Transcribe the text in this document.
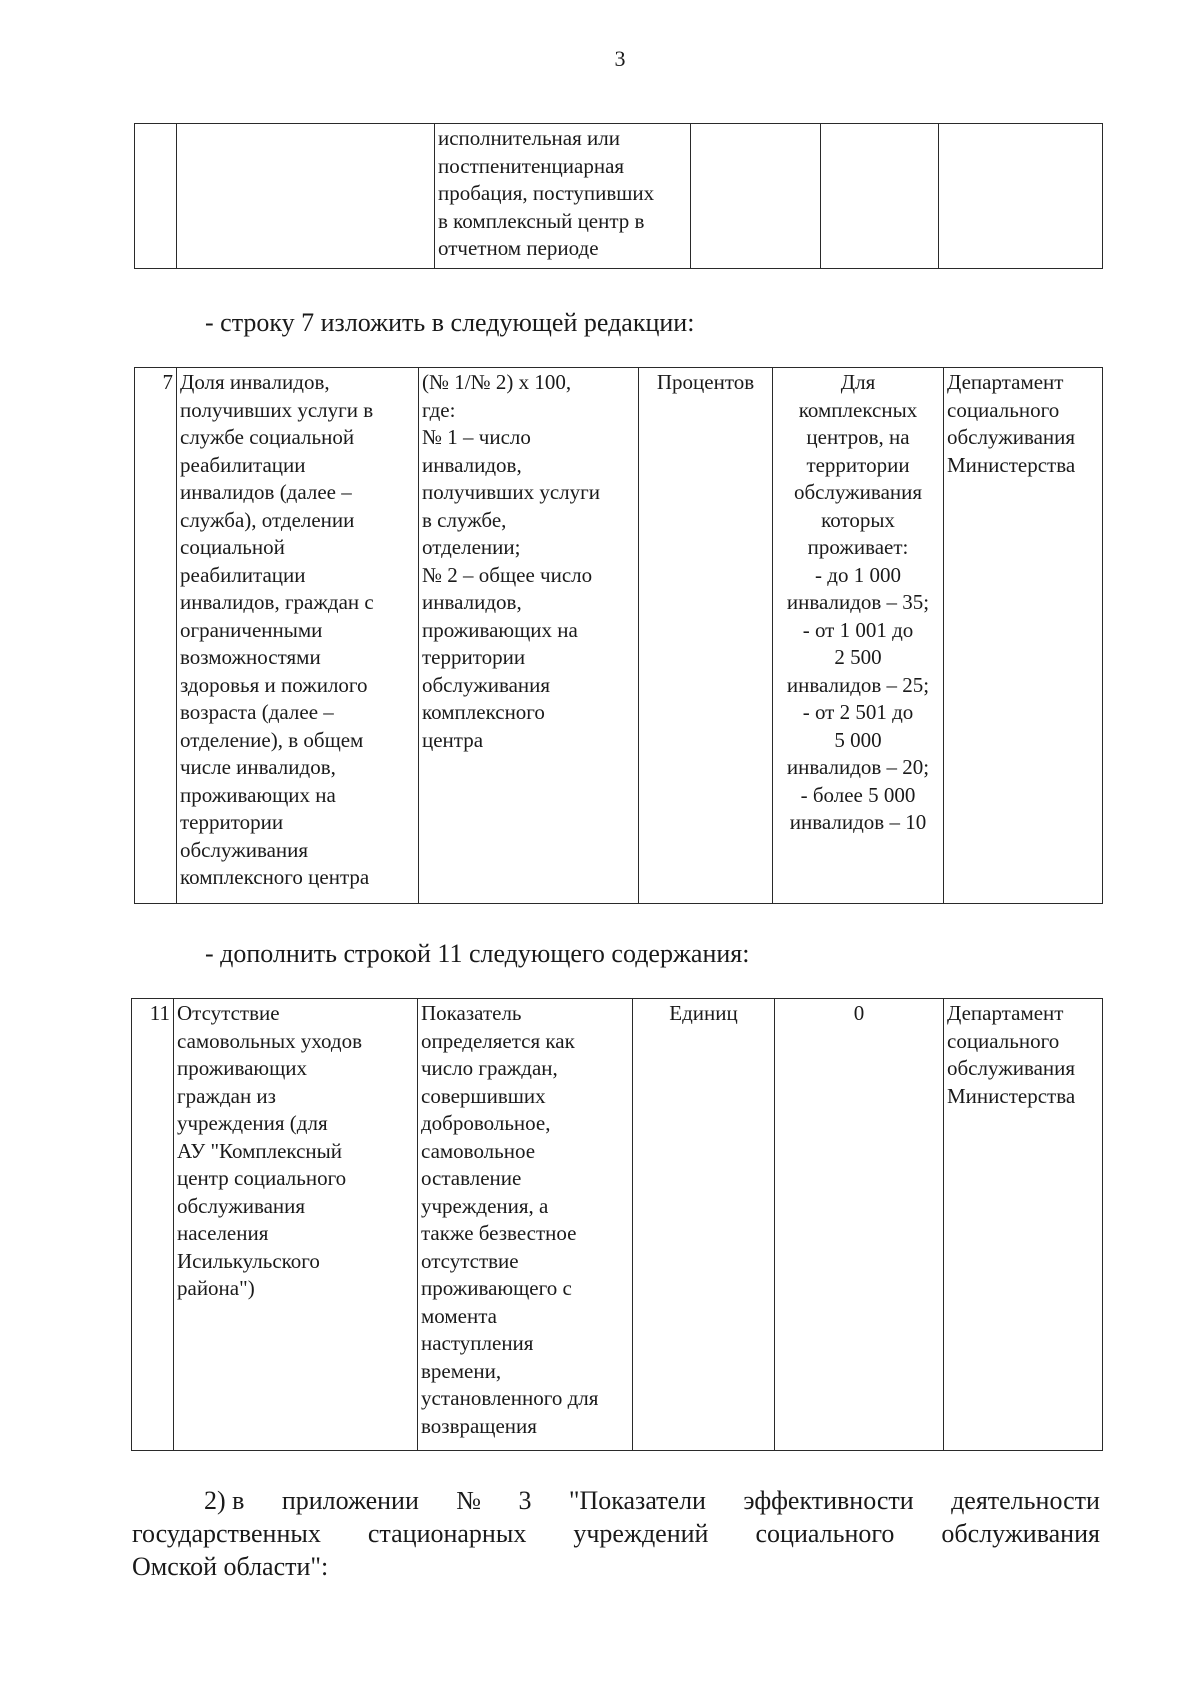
3
		исполнительная или
постпенитенциарная
пробация, поступивших
в комплексный центр в
отчетном периоде			
- строку 7 изложить в следующей редакции:
7	Доля инвалидов,
получивших услуги в
службе социальной
реабилитации
инвалидов (далее –
служба), отделении
социальной
реабилитации
инвалидов, граждан с
ограниченными
возможностями
здоровья и пожилого
возраста (далее –
отделение), в общем
числе инвалидов,
проживающих на
территории
обслуживания
комплексного центра	(№ 1/№ 2) x 100,
где:
№ 1 – число
инвалидов,
получивших услуги
в службе,
отделении;
№ 2 – общее число
инвалидов,
проживающих на
территории
обслуживания
комплексного
центра	Процентов	Для
комплексных
центров, на
территории
обслуживания
которых
проживает:
- до 1 000
инвалидов – 35;
- от 1 001 до
2 500
инвалидов – 25;
- от 2 501 до
5 000
инвалидов – 20;
- более 5 000
инвалидов – 10	Департамент
социального
обслуживания
Министерства
- дополнить строкой 11 следующего содержания:
11	Отсутствие
самовольных уходов
проживающих
граждан из
учреждения (для
АУ "Комплексный
центр социального
обслуживания
населения
Исилькульского
района")	Показатель
определяется как
число граждан,
совершивших
добровольное,
самовольное
оставление
учреждения, а
также безвестное
отсутствие
проживающего с
момента
наступления
времени,
установленного для
возвращения	Единиц	0	Департамент
социального
обслуживания
Министерства
2) в приложении № 3 "Показатели эффективности деятельности
государственных стационарных учреждений социального обслуживания
Омской области":
